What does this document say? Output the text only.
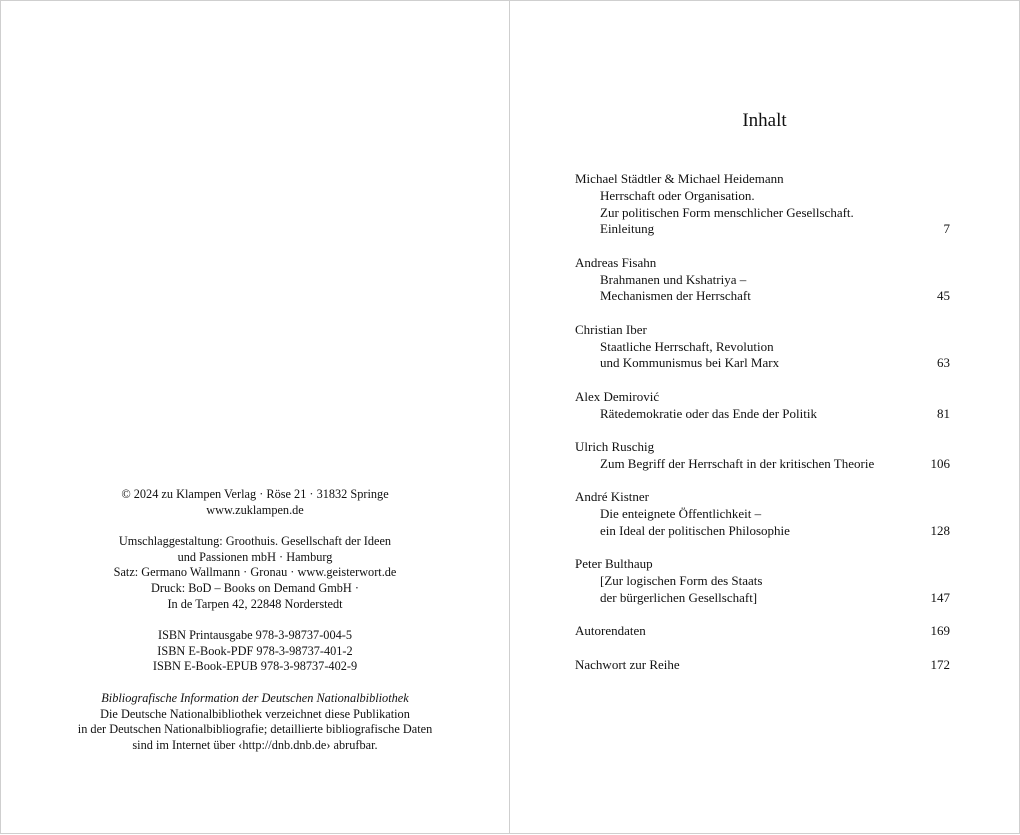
© 2024 zu Klampen Verlag · Röse 21 · 31832 Springe
www.zuklampen.de
Umschlaggestaltung: Groothuis. Gesellschaft der Ideen
und Passionen mbH · Hamburg
Satz: Germano Wallmann · Gronau · www.geisterwort.de
Druck: BoD – Books on Demand GmbH ·
In de Tarpen 42, 22848 Norderstedt
ISBN Printausgabe 978-3-98737-004-5
ISBN E-Book-PDF 978-3-98737-401-2
ISBN E-Book-EPUB 978-3-98737-402-9
Bibliografische Information der Deutschen Nationalbibliothek
Die Deutsche Nationalbibliothek verzeichnet diese Publikation
in der Deutschen Nationalbibliografie; detaillierte bibliografische Daten
sind im Internet über ‹http://dnb.dnb.de› abrufbar.
Inhalt
Michael Städtler & Michael Heidemann
Herrschaft oder Organisation.
Zur politischen Form menschlicher Gesellschaft.
Einleitung	7
Andreas Fisahn
Brahmanen und Kshatriya –
Mechanismen der Herrschaft	45
Christian Iber
Staatliche Herrschaft, Revolution
und Kommunismus bei Karl Marx	63
Alex Demirović
Rätedemokratie oder das Ende der Politik	81
Ulrich Ruschig
Zum Begriff der Herrschaft in der kritischen Theorie	106
André Kistner
Die enteignete Öffentlichkeit –
ein Ideal der politischen Philosophie	128
Peter Bulthaup
[Zur logischen Form des Staats
der bürgerlichen Gesellschaft]	147
Autorendaten	169
Nachwort zur Reihe	172
